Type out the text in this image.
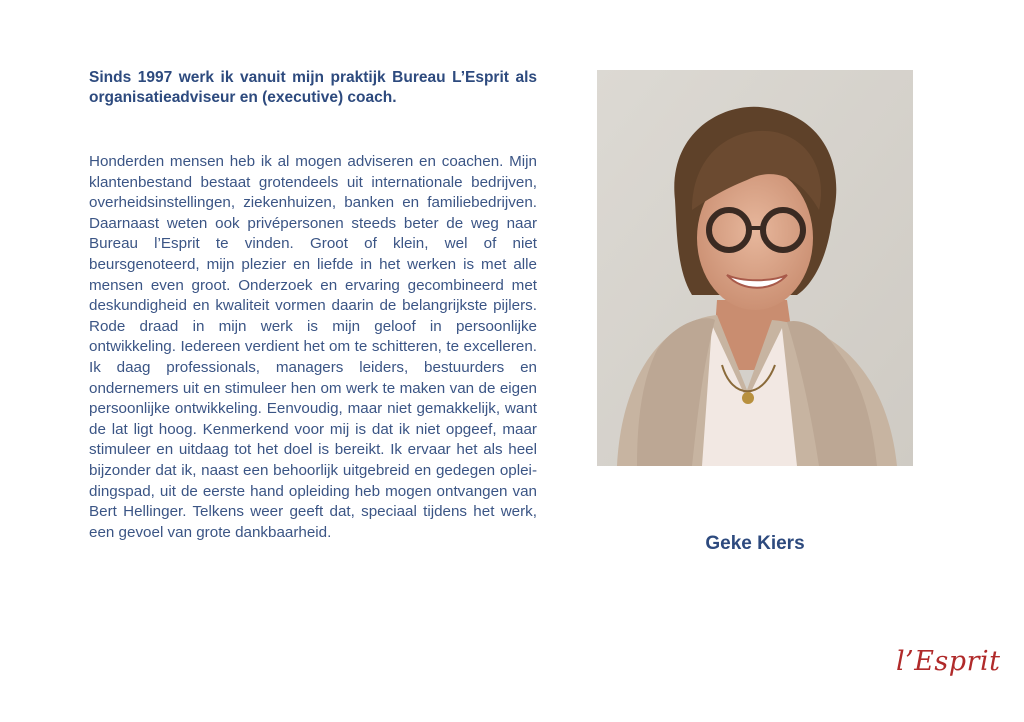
Sinds 1997 werk ik vanuit mijn praktijk Bureau L’Esprit als organisatieadviseur en (executive) coach.

Honderden mensen heb ik al mogen adviseren en coachen. Mijn klantenbestand bestaat grotendeels uit internationale bedrijven, overheidsinstellingen, ziekenhuizen, banken en familiebedrijven. Daarnaast weten ook privépersonen steeds beter de weg naar Bureau l’Esprit te vinden. Groot of klein, wel of niet beursgenoteerd, mijn plezier en liefde in het werken is met alle mensen even groot. Onderzoek en ervaring gecombineerd met deskundigheid en kwaliteit vormen daarin de belangrijkste pijlers. Rode draad in mijn werk is mijn geloof in persoonlijke ontwikkeling. Iedereen verdient het om te schitteren, te excelleren. Ik daag professionals, managers leiders, bestuurders en ondernemers uit en stimuleer hen om werk te maken van de eigen persoonlijke ontwikkeling. Eenvoudig, maar niet gemakkelijk, want de lat ligt hoog. Kenmerkend voor mij is dat ik niet opgeef, maar stimuleer en uitdaag tot het doel is bereikt. Ik ervaar het als heel bijzonder dat ik, naast een behoorlijk uitgebreid en gedegen opleidingspad, uit de eerste hand opleiding heb mogen ontvangen van Bert Hellinger. Telkens weer geeft dat, speciaal tijdens het werk, een gevoel van grote dankbaarheid.

Geke Kiers

l’Esprit
